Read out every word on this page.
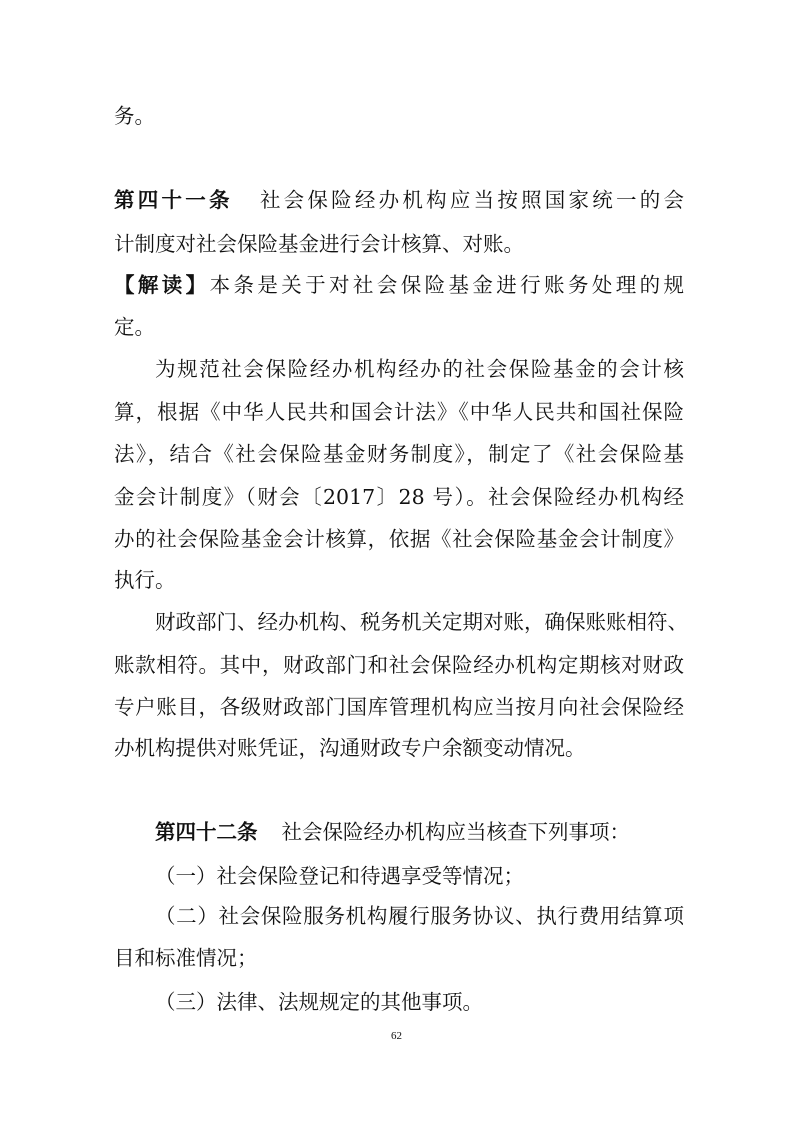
务。
第四十一条 社会保险经办机构应当按照国家统一的会
计制度对社会保险基金进行会计核算、对账。
【解读】本条是关于对社会保险基金进行账务处理的规
定。
为规范社会保险经办机构经办的社会保险基金的会计核
算，根据《中华人民共和国会计法》《中华人民共和国社保险
法》，结合《社会保险基金财务制度》，制定了《社会保险基
金会计制度》（财会〔2017〕28 号）。社会保险经办机构经
办的社会保险基金会计核算，依据《社会保险基金会计制度》
执行。
财政部门、经办机构、税务机关定期对账，确保账账相符、
账款相符。其中，财政部门和社会保险经办机构定期核对财政
专户账目，各级财政部门国库管理机构应当按月向社会保险经
办机构提供对账凭证，沟通财政专户余额变动情况。
第四十二条 社会保险经办机构应当核查下列事项：
（一）社会保险登记和待遇享受等情况；
（二）社会保险服务机构履行服务协议、执行费用结算项
目和标准情况；
（三）法律、法规规定的其他事项。
62
